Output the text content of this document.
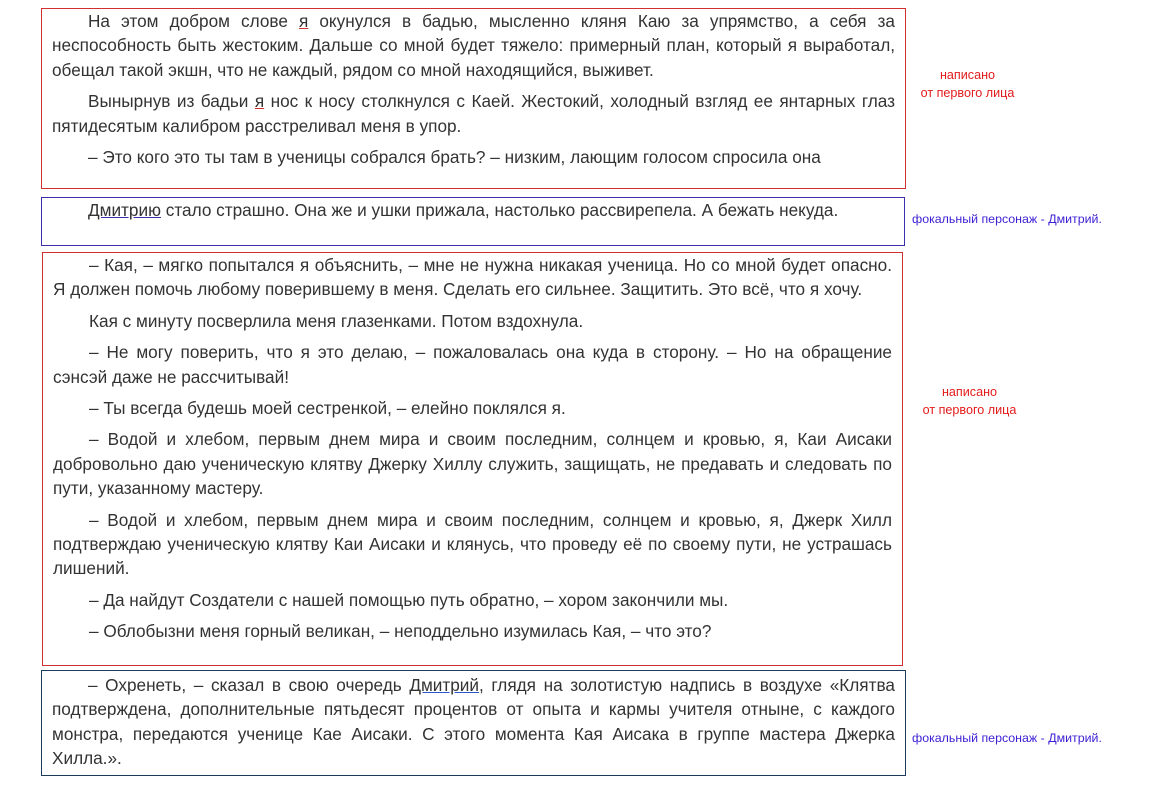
На этом добром слове я окунулся в бадью, мысленно кляня Каю за упрямство, а себя за неспособность быть жестоким. Дальше со мной будет тяжело: примерный план, который я выработал, обещал такой экшн, что не каждый, рядом со мной находящийся, выживет.

Вынырнув из бадьи я нос к носу столкнулся с Каей. Жестокий, холодный взгляд ее янтарных глаз пятидесятым калибром расстреливал меня в упор.

– Это кого это ты там в ученицы собрался брать? – низким, лающим голосом спросила она

Дмитрию стало страшно. Она же и ушки прижала, настолько рассвирепела. А бежать некуда.

– Кая, – мягко попытался я объяснить, – мне не нужна никакая ученица. Но со мной будет опасно. Я должен помочь любому поверившему в меня. Сделать его сильнее. Защитить. Это всё, что я хочу.

Кая с минуту посверлила меня глазенками. Потом вздохнула.

– Не могу поверить, что я это делаю, – пожаловалась она куда в сторону. – Но на обращение сэнсэй даже не рассчитывай!

– Ты всегда будешь моей сестренкой, – елейно поклялся я.

– Водой и хлебом, первым днем мира и своим последним, солнцем и кровью, я, Каи Аисаки добровольно даю ученическую клятву Джерку Хиллу служить, защищать, не предавать и следовать по пути, указанному мастеру.

– Водой и хлебом, первым днем мира и своим последним, солнцем и кровью, я, Джерк Хилл подтверждаю ученическую клятву Каи Аисаки и клянусь, что проведу её по своему пути, не устрашась лишений.

– Да найдут Создатели с нашей помощью путь обратно, – хором закончили мы.

– Облобызни меня горный великан, – неподдельно изумилась Кая, – что это?

– Охренеть, – сказал в свою очередь Дмитрий, глядя на золотистую надпись в воздухе «Клятва подтверждена, дополнительные пятьдесят процентов от опыта и кармы учителя отныне, с каждого монстра, передаются ученице Кае Аисаки. С этого момента Кая Аисака в группе мастера Джерка Хилла.».

написано
от первого лица
фокальный персонаж - Дмитрий.
написано
от первого лица
фокальный персонаж - Дмитрий.
